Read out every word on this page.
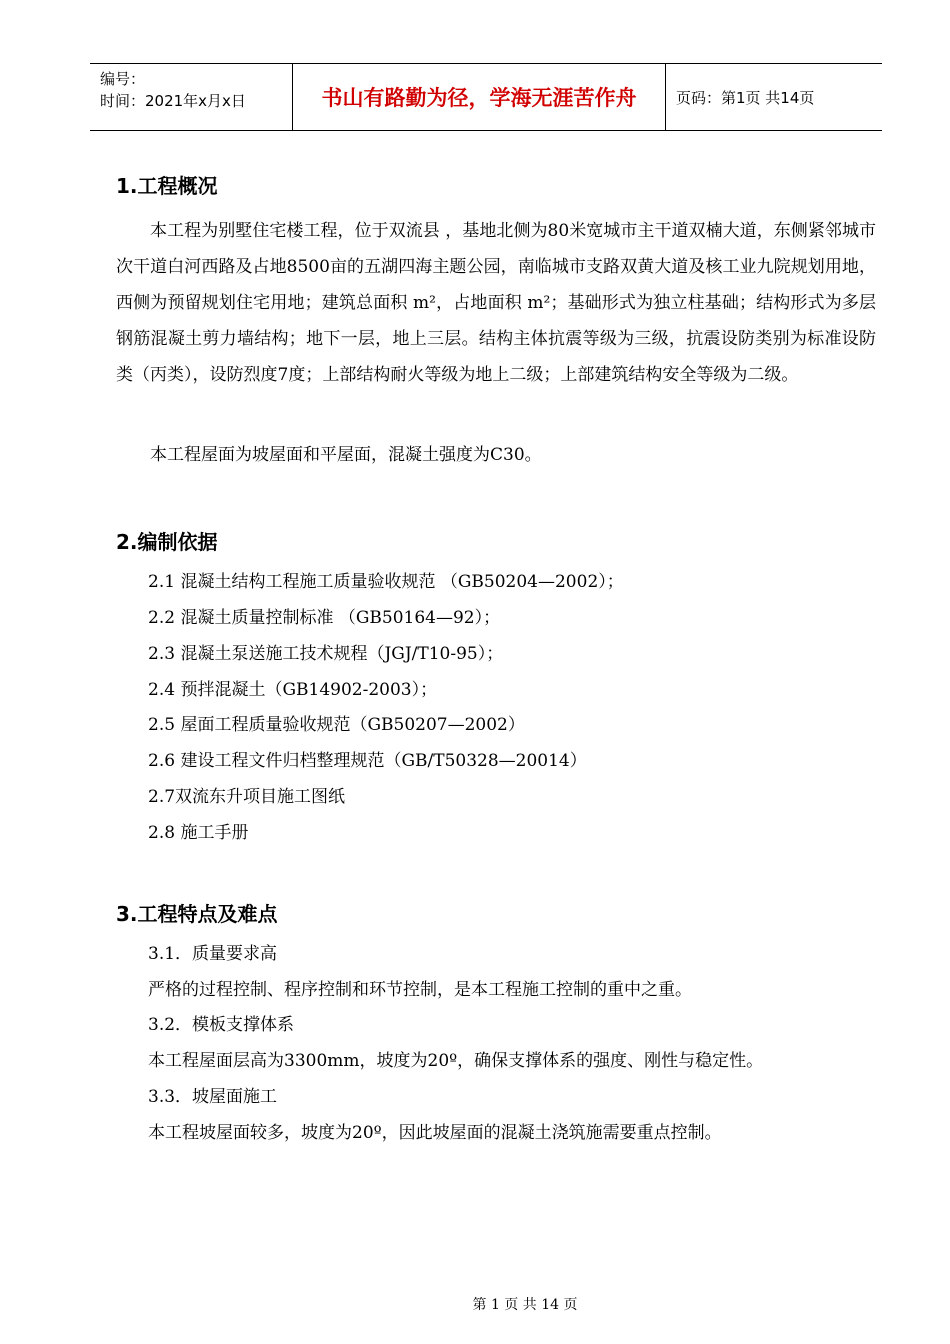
编号：
时间：2021年x月x日	书山有路勤为径，学海无涯苦作舟	页码：第1页 共14页
1.工程概况
本工程为别墅住宅楼工程，位于双流县 ，基地北侧为80米宽城市主干道双楠大道，东侧紧邻城市次干道白河西路及占地8500亩的五湖四海主题公园，南临城市支路双黄大道及核工业九院规划用地，西侧为预留规划住宅用地；建筑总面积 m²，占地面积 m²；基础形式为独立柱基础；结构形式为多层钢筋混凝土剪力墙结构；地下一层，地上三层。结构主体抗震等级为三级，抗震设防类别为标准设防类（丙类），设防烈度7度；上部结构耐火等级为地上二级；上部建筑结构安全等级为二级。
本工程屋面为坡屋面和平屋面，混凝土强度为C30。
2.编制依据
2.1 混凝土结构工程施工质量验收规范 （GB50204—2002）；
2.2 混凝土质量控制标准 （GB50164—92）；
2.3 混凝土泵送施工技术规程（JGJ/T10-95）；
2.4 预拌混凝土（GB14902-2003）；
2.5 屋面工程质量验收规范（GB50207—2002）
2.6 建设工程文件归档整理规范（GB/T50328—20014）
2.7双流东升项目施工图纸
2.8 施工手册
3.工程特点及难点
3.1．质量要求高
严格的过程控制、程序控制和环节控制，是本工程施工控制的重中之重。
3.2．模板支撑体系
本工程屋面层高为3300mm，坡度为20º，确保支撑体系的强度、刚性与稳定性。
3.3．坡屋面施工
本工程坡屋面较多，坡度为20º，因此坡屋面的混凝土浇筑施需要重点控制。
第 1 页 共 14 页
